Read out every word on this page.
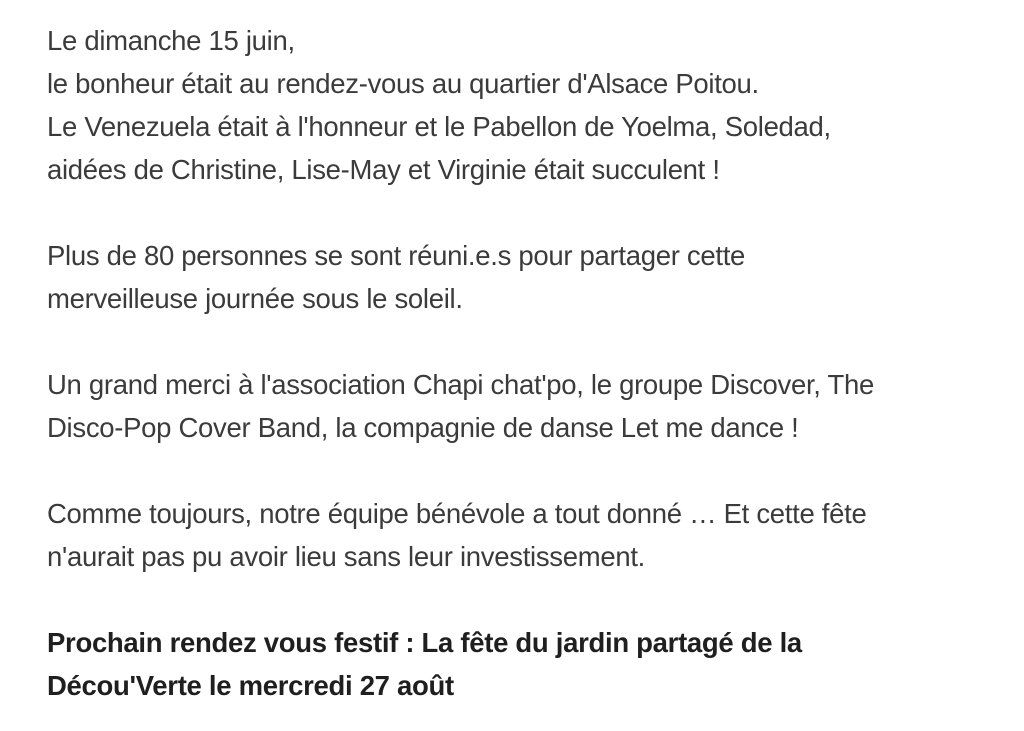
Le dimanche 15 juin,
le bonheur était au rendez-vous au quartier d'Alsace Poitou.
Le Venezuela était à l'honneur et le Pabellon de Yoelma, Soledad,
aidées de Christine, Lise-May et Virginie était succulent !

Plus de 80 personnes se sont réuni.e.s pour partager cette
merveilleuse journée sous le soleil.

Un grand merci à l'association Chapi chat'po, le groupe Discover, The
Disco-Pop Cover Band, la compagnie de danse Let me dance !

Comme toujours, notre équipe bénévole a tout donné … Et cette fête
n'aurait pas pu avoir lieu sans leur investissement.

Prochain rendez vous festif : La fête du jardin partagé de la
Décou'Verte le mercredi 27 août
